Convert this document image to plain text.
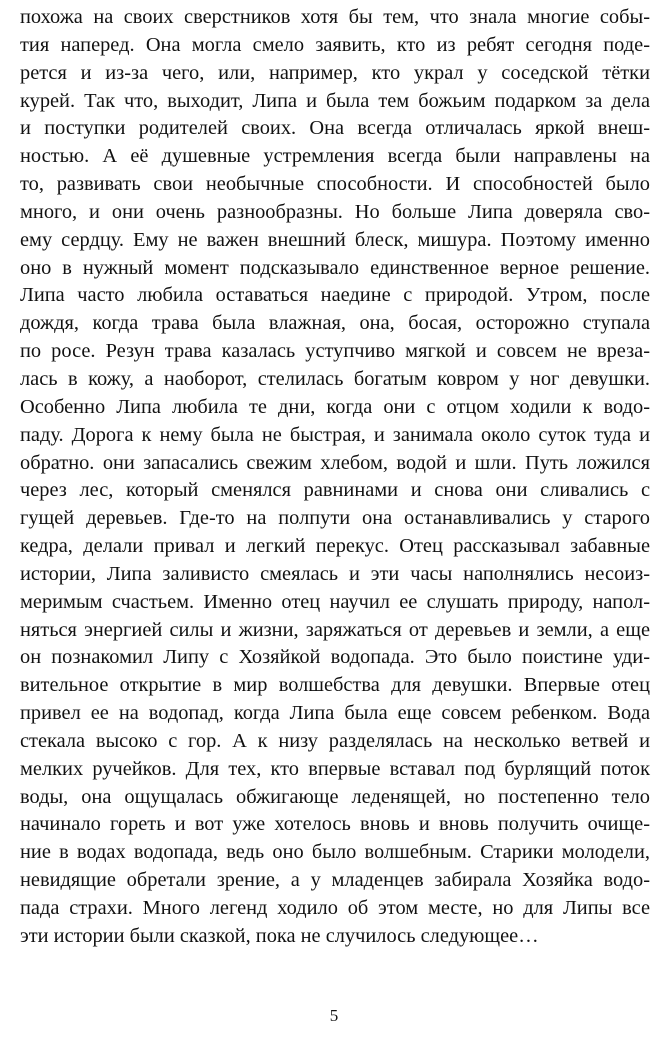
похожа на своих сверстников хотя бы тем, что знала многие собы-
тия наперед. Она могла смело заявить, кто из ребят сегодня подe-
рется и из-за чего, или, например, кто украл у соседской тётки
курей. Так что, выходит, Липа и была тем божьим подарком за дела
и поступки родителей своих. Она всегда отличалась яркой внеш-
ностью. А её душевные устремления всегда были направлены на
то, развивать свои необычные способности. И способностей было
много, и они очень разнообразны. Но больше Липа доверяла сво-
ему сердцу. Ему не важен внешний блеск, мишура. Поэтому именно
оно в нужный момент подсказывало единственное верное решение.
Липа часто любила оставаться наедине с природой. Утром, после
дождя, когда трава была влажная, она, босая, осторожно ступала
по росе. Резун трава казалась уступчиво мягкой и совсем не вреза-
лась в кожу, а наоборот, стелилась богатым ковром у ног девушки.
Особенно Липа любила те дни, когда они с отцом ходили к водо-
паду. Дорога к нему была не быстрая, и занимала около суток туда и
обратно. они запасались свежим хлебом, водой и шли. Путь ложился
через лес, который сменялся равнинами и снова они сливались с
гущей деревьев. Где-то на полпути она останавливались у старого
кедра, делали привал и легкий перекус. Отец рассказывал забавные
истории, Липа заливисто смеялась и эти часы наполнялись несоиз-
меримым счастьем. Именно отец научил ее слушать природу, напол-
няться энергией силы и жизни, заряжаться от деревьев и земли, а еще
он познакомил Липу с Хозяйкой водопада. Это было поистине уди-
вительное открытие в мир волшебства для девушки. Впервые отец
привел ее на водопад, когда Липа была еще совсем ребенком. Вода
стекала высоко с гор. А к низу разделялась на несколько ветвей и
мелких ручейков. Для тех, кто впервые вставал под бурлящий поток
воды, она ощущалась обжигающе леденящей, но постепенно тело
начинало гореть и вот уже хотелось вновь и вновь получить очище-
ние в водах водопада, ведь оно было волшебным. Старики молодели,
невидящие обретали зрение, а у младенцев забирала Хозяйка водо-
пада страхи. Много легенд ходило об этом месте, но для Липы все
эти истории были сказкой, пока не случилось следующее…
5
